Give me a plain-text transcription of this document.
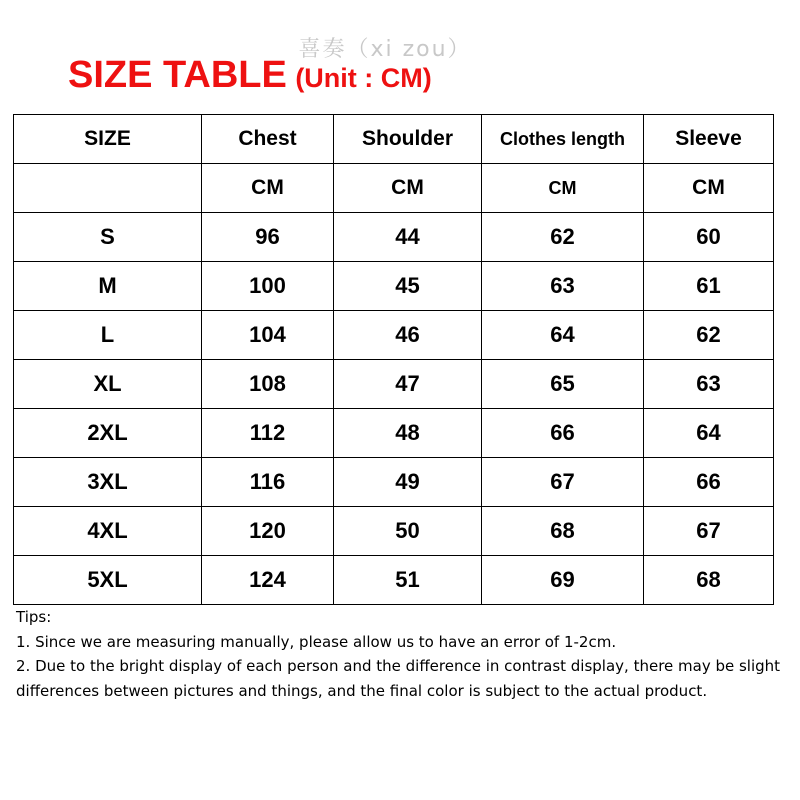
喜奏（xi zou）
SIZE TABLE (Unit : CM)
SIZE	Chest	Shoulder	Clothes length	Sleeve
	CM	CM	CM	CM
S	96	44	62	60
M	100	45	63	61
L	104	46	64	62
XL	108	47	65	63
2XL	112	48	66	64
3XL	116	49	67	66
4XL	120	50	68	67
5XL	124	51	69	68
Tips:
1. Since we are measuring manually, please allow us to have an error of 1-2cm.
2. Due to the bright display of each person and the difference in contrast display, there may be slight
differences between pictures and things, and the final color is subject to the actual product.
